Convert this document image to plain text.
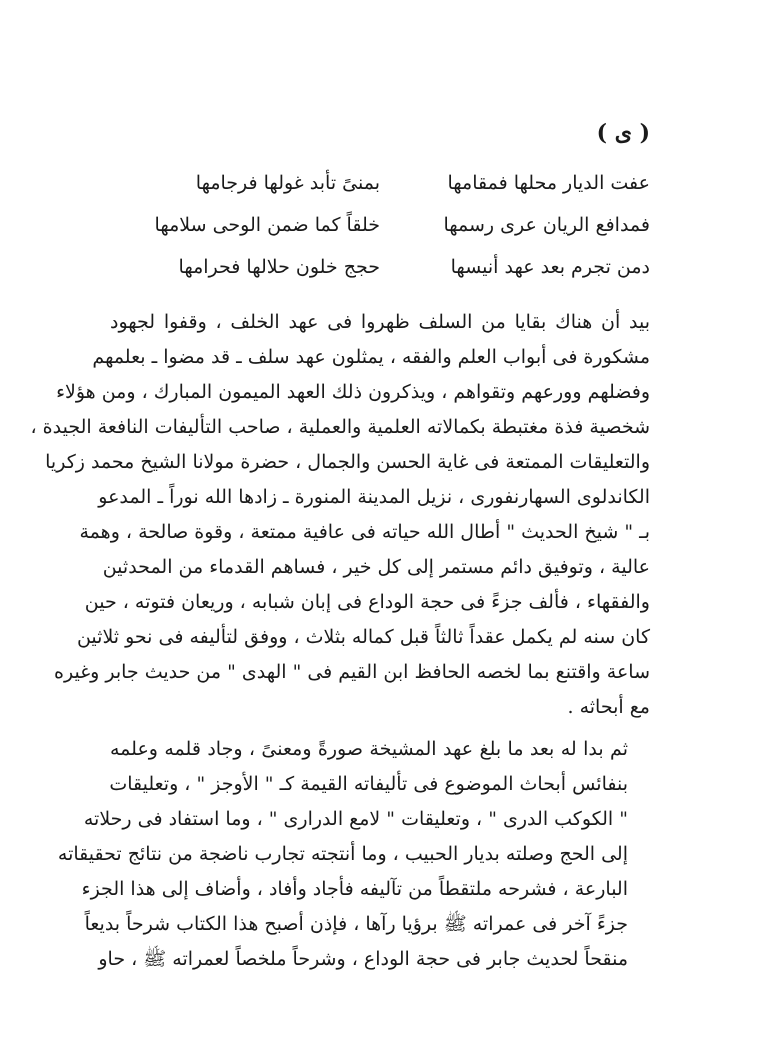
( ى )
عفت الديار محلها فمقامها
بمنىً تأبد غولها فرجامها
فمدافع الريان عرى رسمها
خلقاً كما ضمن الوحى سلامها
دمن تجرم بعد عهد أنيسها
حجج خلون حلالها فحرامها
بيد أن هناك بقايا من السلف ظهروا فى عهد الخلف ، وقفوا لجهود
مشكورة فى أبواب العلم والفقه ، يمثلون عهد سلف ـ قد مضوا ـ بعلمهم
وفضلهم وورعهم وتقواهم ، ويذكرون ذلك العهد الميمون المبارك ، ومن هؤلاء
شخصية فذة مغتبطة بكمالاته العلمية والعملية ، صاحب التأليفات النافعة الجيدة ،
والتعليقات الممتعة فى غاية الحسن والجمال ، حضرة مولانا الشيخ محمد زكريا
الكاندلوى السهارنفورى ، نزيل المدينة المنورة ـ زادها الله نوراً ـ المدعو
بـ " شيخ الحديث " أطال الله حياته فى عافية ممتعة ، وقوة صالحة ، وهمة
عالية ، وتوفيق دائم مستمر إلى كل خير ، فساهم القدماء من المحدثين
والفقهاء ، فألف جزءً فى حجة الوداع فى إبان شبابه ، وريعان فتوته ، حين
كان سنه لم يكمل عقداً ثالثاً قبل كماله بثلاث ، ووفق لتأليفه فى نحو ثلاثين
ساعة واقتنع بما لخصه الحافظ ابن القيم فى " الهدى " من حديث جابر وغيره
مع أبحاثه .
ثم بدا له بعد ما بلغ عهد المشيخة صورةً ومعنىً ، وجاد قلمه وعلمه
بنفائس أبحاث الموضوع فى تأليفاته القيمة كـ " الأوجز " ، وتعليقات
" الكوكب الدرى " ، وتعليقات " لامع الدرارى " ، وما استفاد فى رحلاته
إلى الحج وصلته بديار الحبيب ، وما أنتجته تجارب ناضجة من نتائج تحقيقاته
البارعة ، فشرحه ملتقطاً من تآليفه فأجاد وأفاد ، وأضاف إلى هذا الجزء
جزءً آخر فى عمراته ﷺ برؤيا رآها ، فإذن أصبح هذا الكتاب شرحاً بديعاً
منقحاً لحديث جابر فى حجة الوداع ، وشرحاً ملخصاً لعمراته ﷺ ، حاو
